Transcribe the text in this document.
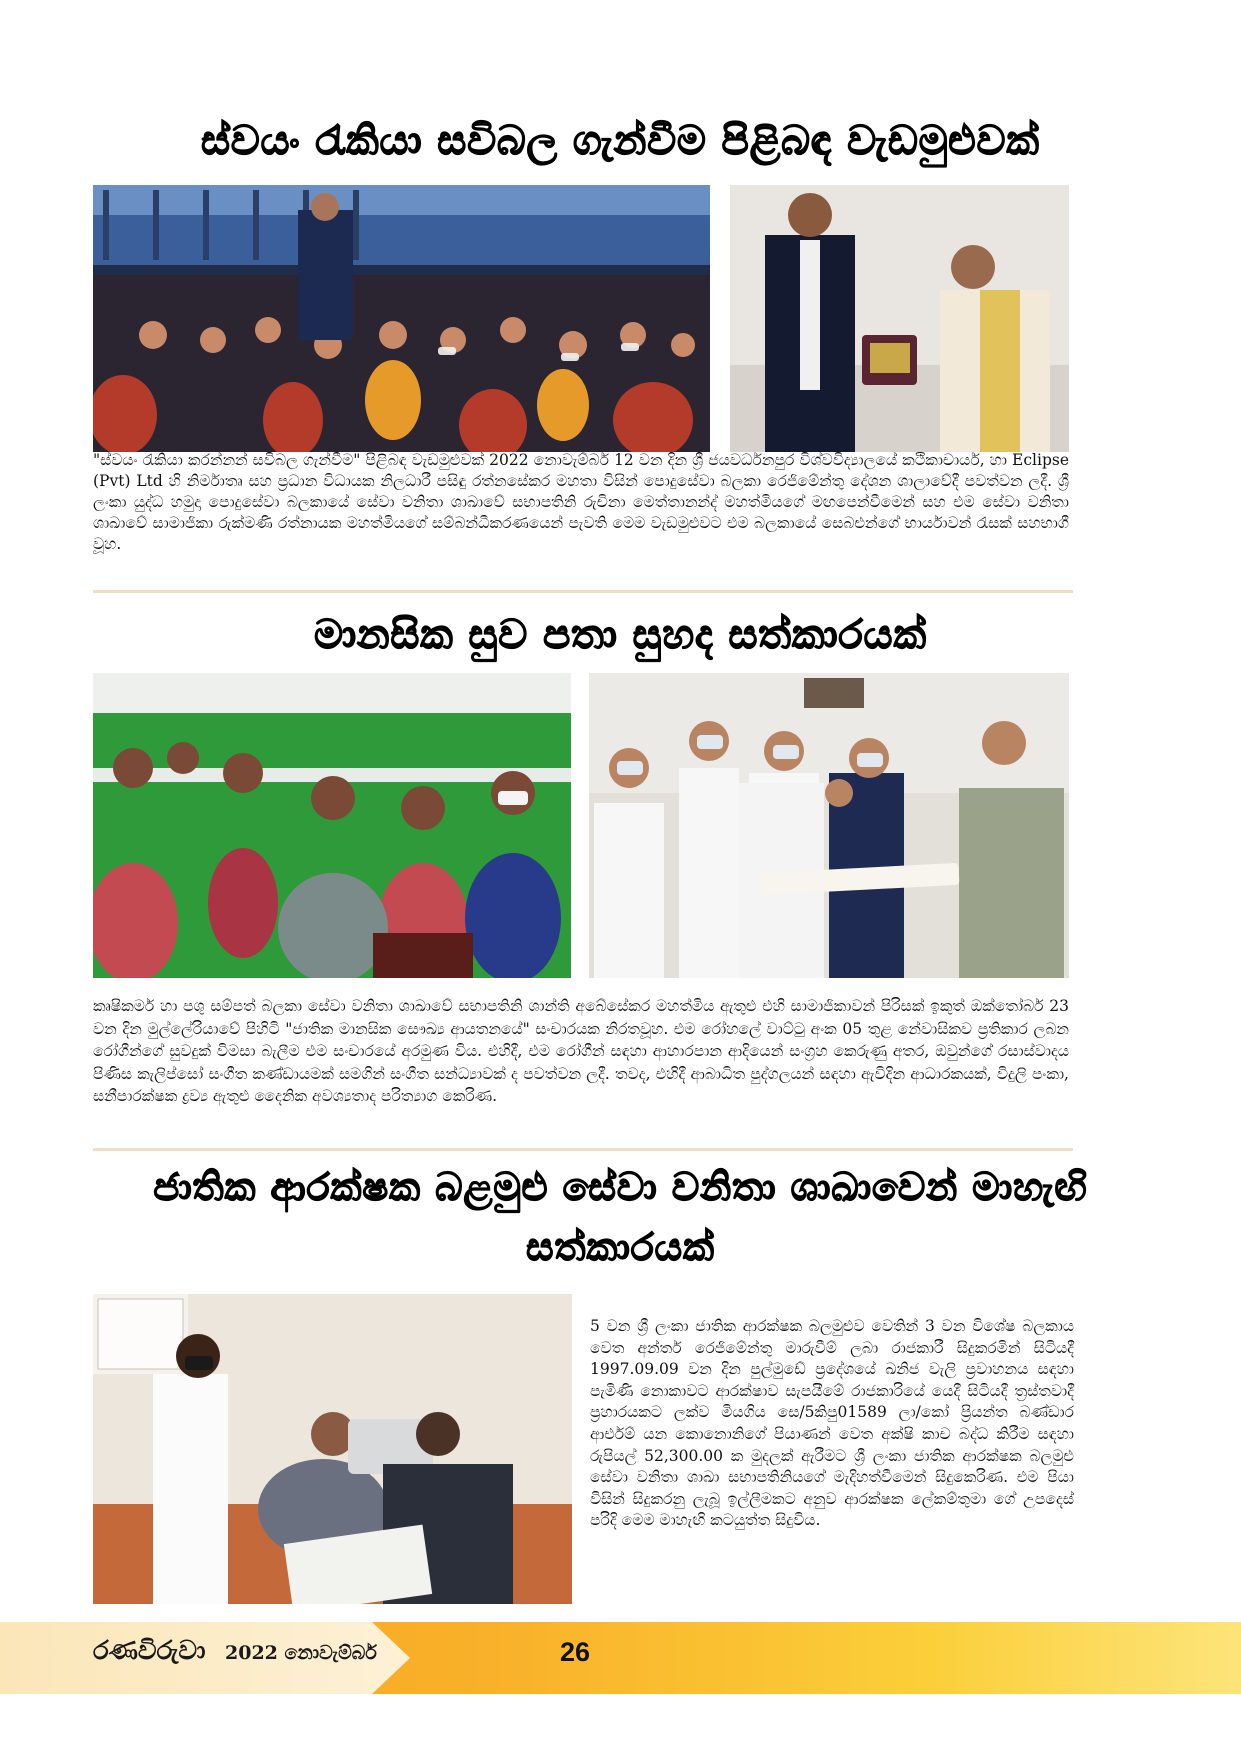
ස්වයං රැකියා සවිබල ගැන්වීම පිළිබඳ වැඩමුළුවක්

"ස්වයං රැකියා කරන්නන් සවිබල ගැන්වීම" පිළිබඳ වැඩමුළුවක් 2022 නොවැම්බර් 12 වන දින ශ්‍රී ජයවර්ධනපුර විශ්වවිද්‍යාලයේ කථිකාචාර්ය, හා Eclipse (Pvt) Ltd හි නිර්මාතෘ සහ ප්‍රධාන විධායක නිලධාරී පසිඳු රත්නසේකර මහතා විසින් පොදුසේවා බලකා රෙජිමේන්තු දේශන ශාලාවේදී පවත්වන ලදී. ශ්‍රී ලංකා යුද්ධ හමුදා පොදුසේවා බලකායේ සේවා වනිතා ශාඛාවේ සභාපතිනි රුචිනා මෙත්තානන්ද් මහත්මියගේ මඟපෙන්වීමෙන් සහ එම සේවා වනිතා ශාඛාවේ සාමාජිකා රුක්මණි රත්නායක මහත්මියගේ සම්බන්ධීකරණයෙන් පැවති මෙම වැඩමුළුවට එම බලකායේ සෙබළුන්ගේ භාර්යාවන් රැසක් සහභාගී වූහ.

මානසික සුව පතා සුහද සත්කාරයක්

කෘෂිකර්ම හා පශු සම්පත් බලකා සේවා වනිතා ශාඛාවේ සභාපතිනි ශාන්ති අබේසේකර මහත්මිය ඇතුළු එහි සාමාජිකාවන් පිරිසක් ඉකුත් ඔක්තෝබර් 23 වන දින මුල්ලේරියාවේ පිහිටි "ජාතික මානසික සෞඛ්‍ය ආයතනයේ" සංචාරයක නිරතවූහ. එම රෝහලේ වාට්ටු අංක 05 තුළ නේවාසිකව ප්‍රතිකාර ලබන රෝගීන්ගේ සුවදුක් විමසා බැලීම එම සංචාරයේ අරමුණ විය. එහිදී, එම රෝගීන් සඳහා ආහාරපාන ආදියෙන් සංග්‍රහ කෙරුණු අතර, ඔවුන්ගේ රසාස්වාදය පිණිස කැලිප්සෝ සංගීත කණ්ඩායමක් සමගින් සංගීත සන්ධ්‍යාවක් ද පවත්වන ලදී. තවද, එහිදී ආබාධිත පුද්ගලයන් සඳහා ඇවිදින ආධාරකයක්, විදුලි පංකා, සනීපාරක්ෂක ද්‍රව්‍ය ඇතුළු දෛනික අවශ්‍යතාද පරිත්‍යාග කෙරිණ.

ජාතික ආරක්ෂක බළමුළු සේවා වනිතා ශාඛාවෙන් මාහැඟි
සත්කාරයක්
5 වන ශ්‍රී ලංකා ජාතික ආරක්ෂක බලමුළුව වෙතින් 3 වන විශේෂ බලකාය වෙත අන්තර් රෙජිමේන්තු මාරුවීම් ලබා රාජකාරී සිදුකරමින් සිටියදී 1997.09.09 වන දින පුල්මුඩේ ප්‍රදේශයේ ඛනිජ වැලි ප්‍රවාහනය සඳහා පැමිණි නොකාවට ආරක්ෂාව සැපයීමේ රාජකාරියේ යෙදී සිටියදී ත්‍රස්තවාදී ප්‍රහාරයකට ලක්ව මියගිය සෙ/5කිපු01589 ලා/කෝ ප්‍රියන්ත බණ්ඩාර ආර්එම් යන කොනොනිගේ පියාණන් වෙත අක්ෂි කාච බද්ධ කිරීම සඳහා රුපියල් 52,300.00 ක මුදලක් ඇරීමට ශ්‍රී ලංකා ජාතික ආරක්ෂක බලමුළු සේවා වනිතා ශාඛා සභාපතිනියගේ මැදිහත්වීමෙන් සිදුකෙරිණ. එම පියා විසින් සිදුකරනු ලැබූ ඉල්ලීමකට අනුව ආරක්ෂක ලේකම්තුමා ගේ උපදෙස් පරිදි මෙම මාහැඟි කටයුත්ත සිදුවිය.
රණවිරුවා 2022 නොවැම්බර්	26
